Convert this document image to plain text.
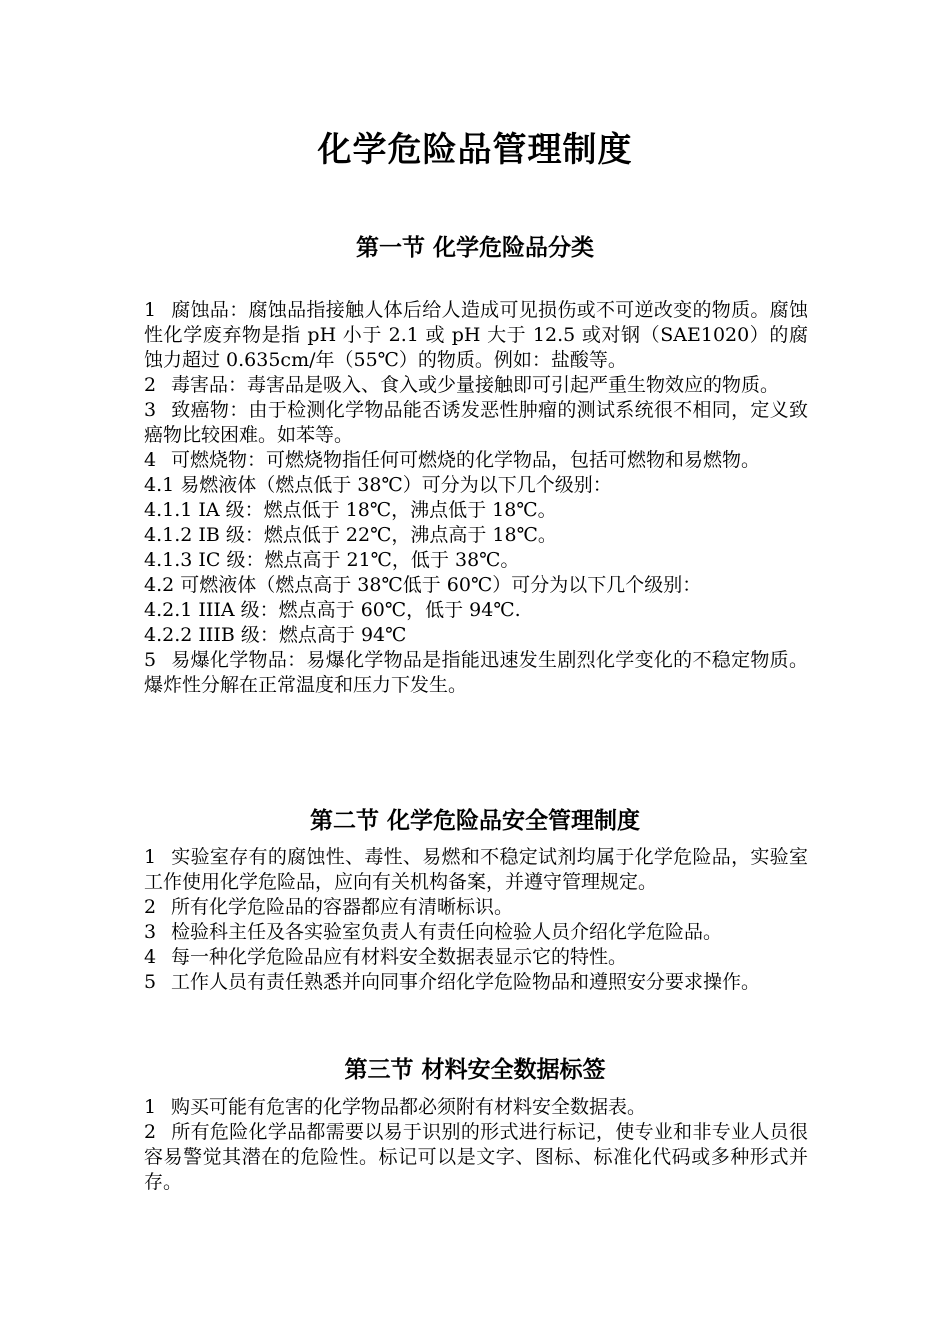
化学危险品管理制度
第一节 化学危险品分类

1 腐蚀品：腐蚀品指接触人体后给人造成可见损伤或不可逆改变的物质。腐蚀性化学废弃物是指 pH 小于 2.1 或 pH 大于 12.5 或对钢（SAE1020）的腐蚀力超过 0.635cm/年（55℃）的物质。例如：盐酸等。

2 毒害品：毒害品是吸入、食入或少量接触即可引起严重生物效应的物质。

3 致癌物：由于检测化学物品能否诱发恶性肿瘤的测试系统很不相同，定义致癌物比较困难。如苯等。

4 可燃烧物：可燃烧物指任何可燃烧的化学物品，包括可燃物和易燃物。

4.1 易燃液体（燃点低于 38℃）可分为以下几个级别：

4.1.1 IA 级：燃点低于 18℃，沸点低于 18℃。

4.1.2 IB 级：燃点低于 22℃，沸点高于 18℃。

4.1.3 IC 级：燃点高于 21℃，低于 38℃。

4.2 可燃液体（燃点高于 38℃低于 60℃）可分为以下几个级别：

4.2.1 IIIA 级：燃点高于 60℃，低于 94℃.

4.2.2 IIIB 级：燃点高于 94℃

5 易爆化学物品：易爆化学物品是指能迅速发生剧烈化学变化的不稳定物质。爆炸性分解在正常温度和压力下发生。

第二节 化学危险品安全管理制度

1 实验室存有的腐蚀性、毒性、易燃和不稳定试剂均属于化学危险品，实验室工作使用化学危险品，应向有关机构备案，并遵守管理规定。

2 所有化学危险品的容器都应有清晰标识。

3 检验科主任及各实验室负责人有责任向检验人员介绍化学危险品。

4 每一种化学危险品应有材料安全数据表显示它的特性。

5 工作人员有责任熟悉并向同事介绍化学危险物品和遵照安分要求操作。

第三节 材料安全数据标签

1 购买可能有危害的化学物品都必须附有材料安全数据表。

2 所有危险化学品都需要以易于识别的形式进行标记，使专业和非专业人员很容易警觉其潜在的危险性。标记可以是文字、图标、标准化代码或多种形式并存。
